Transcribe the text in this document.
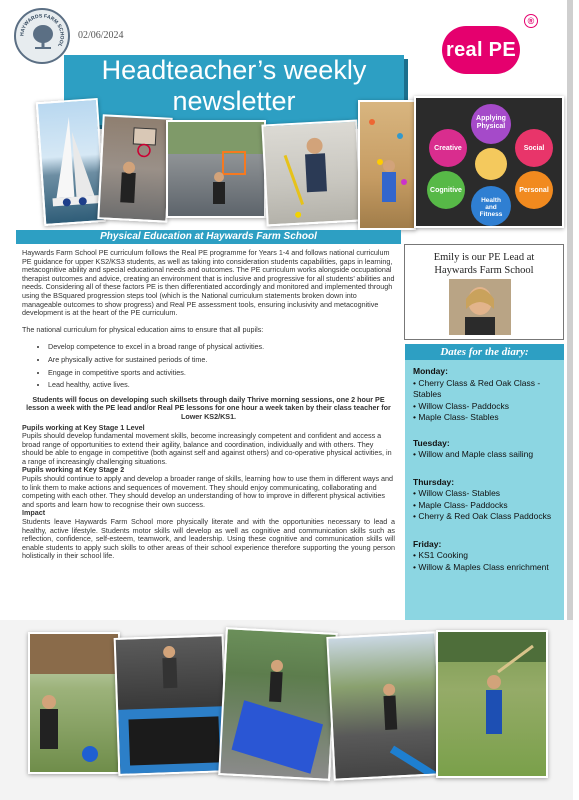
HAYWARDS FARM SCHOOL
02/06/2024
real PE
®
Headteacher’s weekly
newsletter
Applying
Physical
Creative	Social
Cognitive	Personal
Health
and
Fitness
Physical Education at Haywards Farm School

Haywards Farm School PE curriculum follows the Real PE programme for Years 1-4 and follows national curriculum PE guidance for upper KS2/KS3 students, as well as taking into consideration students capabilities, gaps in learning, metacognitive ability and special educational needs and outcomes. The PE curriculum works alongside occupational therapist outcomes and advice, creating an environment that is inclusive and progressive for all students’ abilities and needs. Considering all of these factors PE is then differentiated accordingly and monitored and implemented through using the BSquared progression steps tool (which is the National curriculum statements broken down into manageable outcomes to show progress) and Real PE assessment tools, ensuring inclusivity and metacognitive development is at the heart of the PE curriculum.

The national curriculum for physical education aims to ensure that all pupils:

• Develop competence to excel in a broad range of physical activities.
• Are physically active for sustained periods of time.
• Engage in competitive sports and activities.
• Lead healthy, active lives.

Students will focus on developing such skillsets through daily Thrive morning sessions, one 2 hour PE lesson a week with the PE lead and/or Real PE lessons for one hour a week taken by their class teacher for Lower KS2/KS1.

Pupils working at Key Stage 1 Level

Pupils should develop fundamental movement skills, become increasingly competent and confident and access a broad range of opportunities to extend their agility, balance and coordination, individually and with others. They should be able to engage in competitive (both against self and against others) and co-operative physical activities, in a range of increasingly challenging situations.

Pupils working at Key Stage 2

Pupils should continue to apply and develop a broader range of skills, learning how to use them in different ways and to link them to make actions and sequences of movement. They should enjoy communicating, collaborating and competing with each other. They should develop an understanding of how to improve in different physical activities and sports and learn how to recognise their own success.

Impact

Students leave Haywards Farm School more physically literate and with the opportunities necessary to lead a healthy, active lifestyle. Students motor skills will develop as well as cognitive and communication skills such as reflection, confidence, self-esteem, teamwork, and leadership. Using these cognitive and communication skills will enable students to apply such skills to other areas of their school experience therefore supporting the young person holistically in their school life.

Emily is our PE Lead at
Haywards Farm School
Dates for the diary:
Monday:
• Cherry Class & Red Oak Class - Stables
• Willow Class- Paddocks
• Maple Class- Stables
Tuesday:
• Willow and Maple class sailing
Thursday:
• Willow Class- Stables
• Maple Class- Paddocks
• Cherry & Red Oak Class Paddocks
Friday:
• KS1 Cooking
• Willow & Maples Class enrichment
